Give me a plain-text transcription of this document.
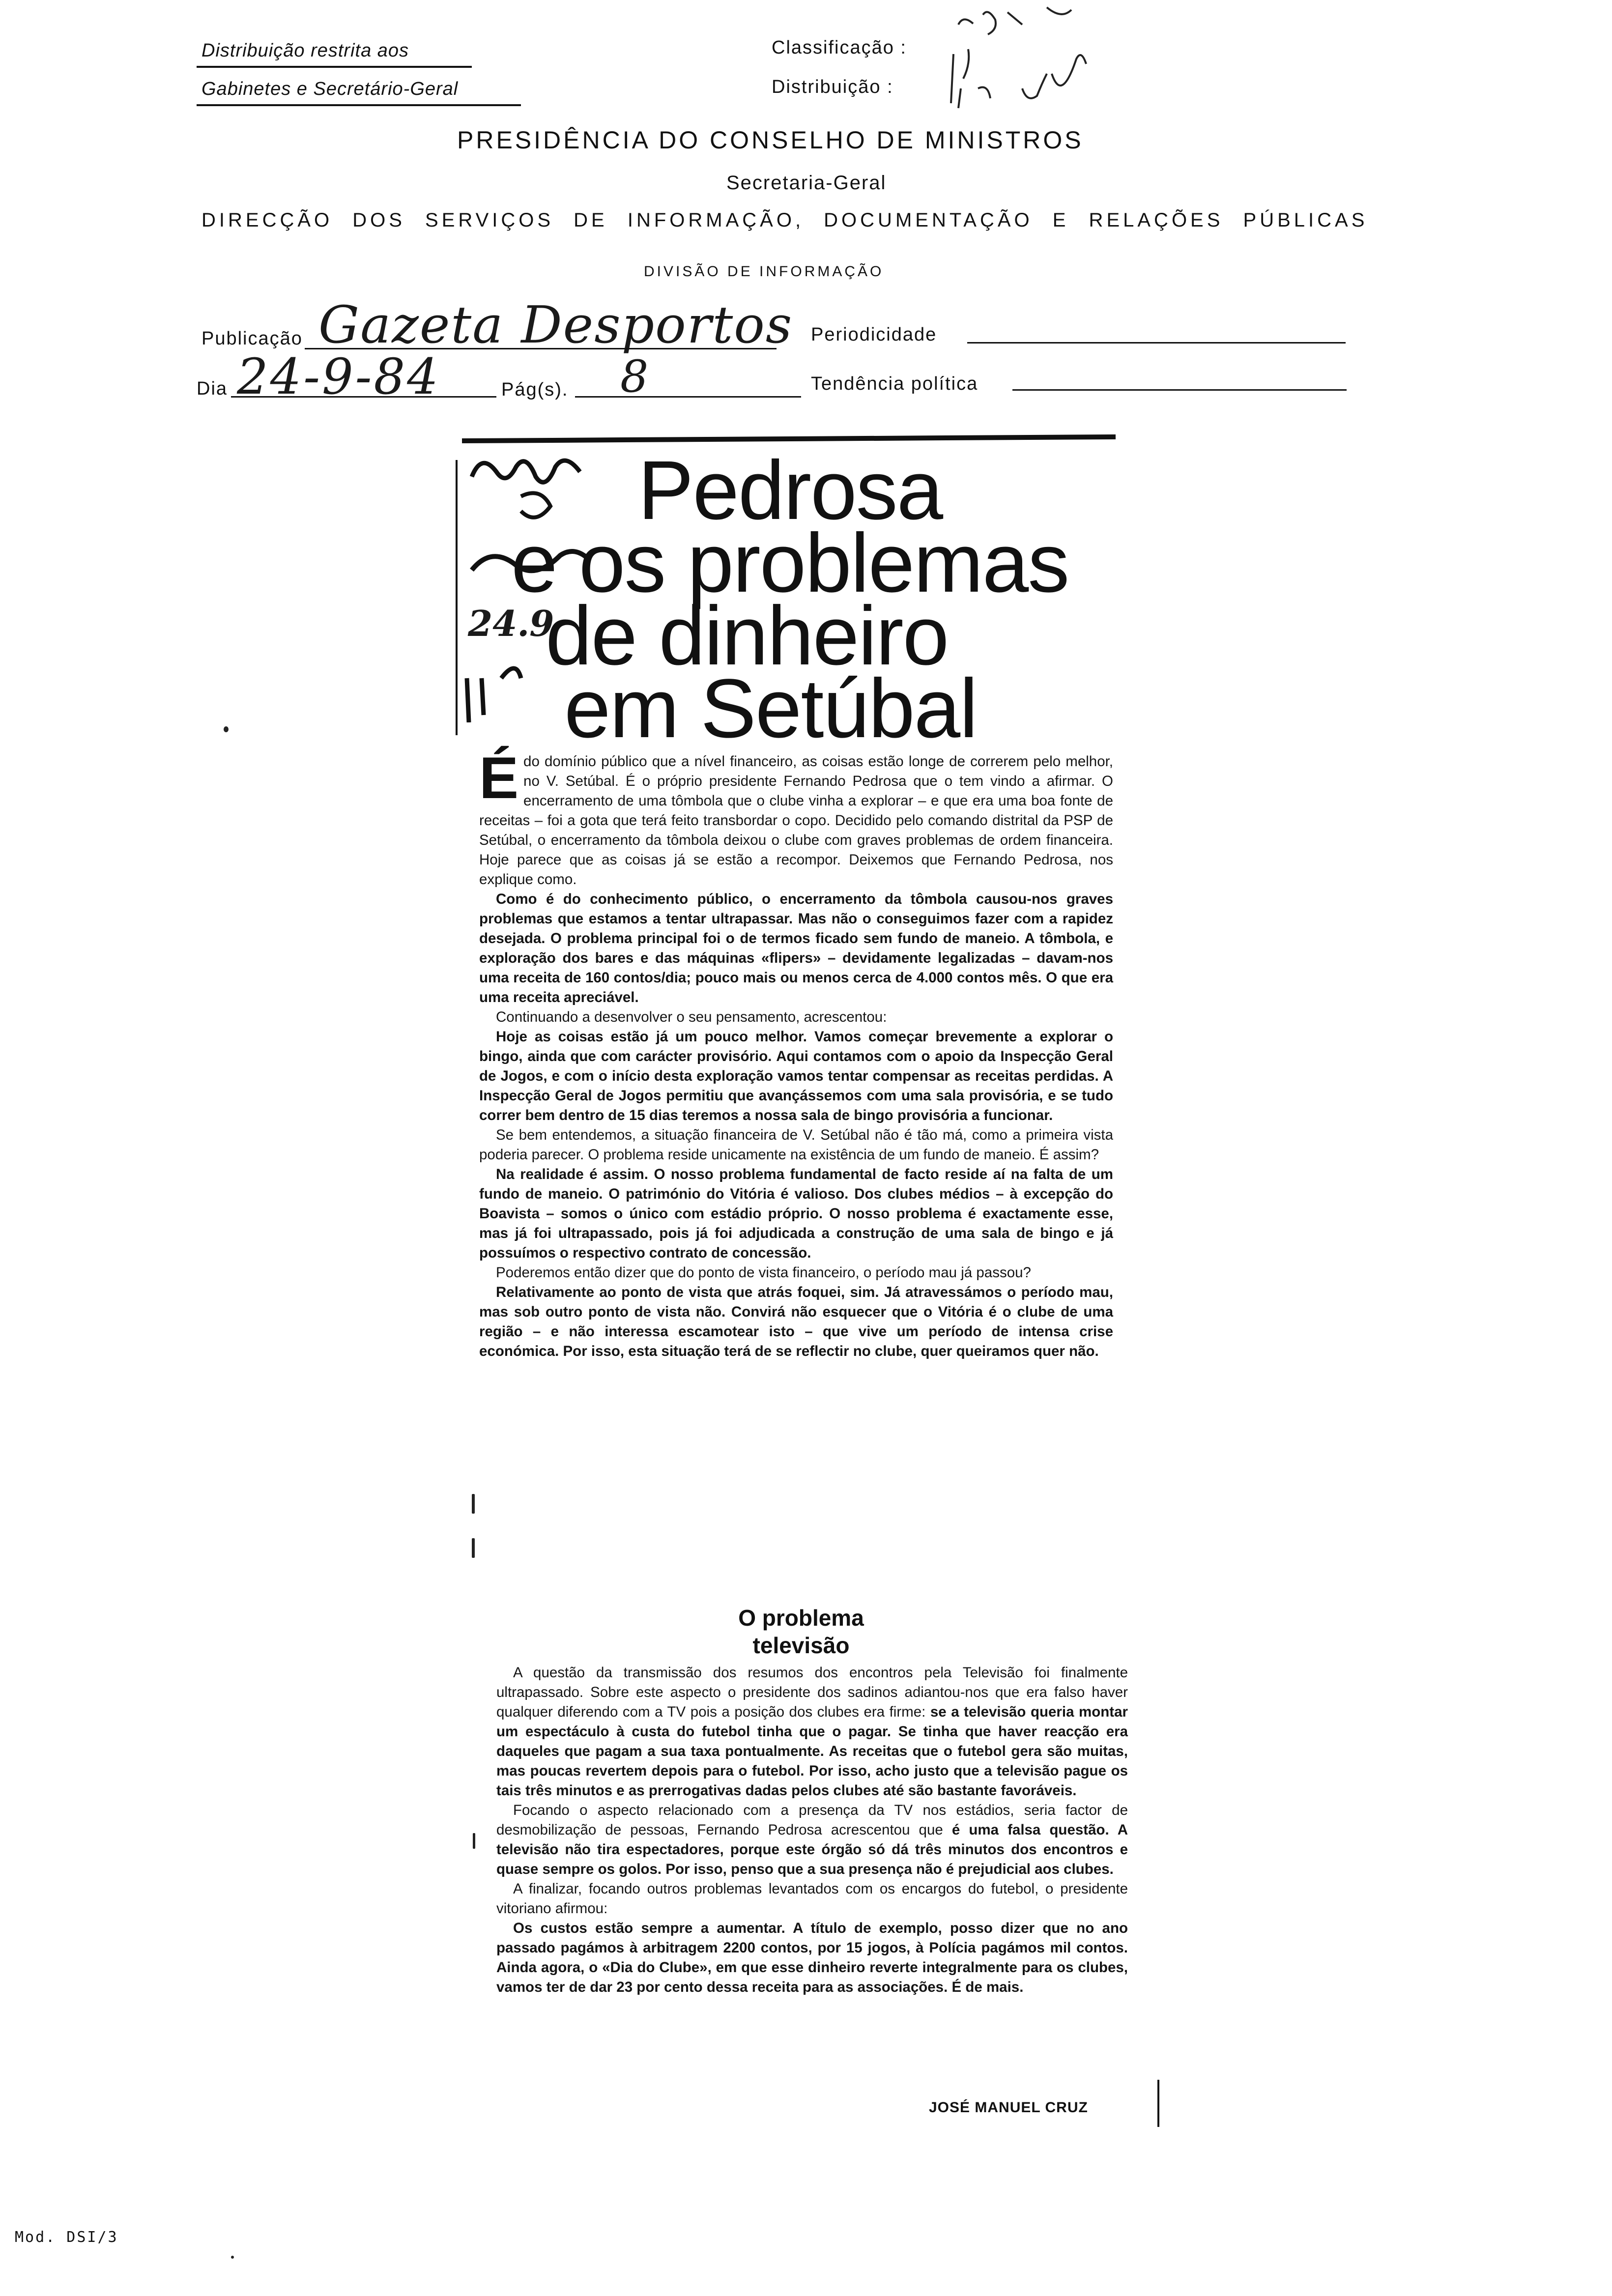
Distribuição restrita aos
Gabinetes e Secretário-Geral
Classificação :
Distribuição :
PRESIDÊNCIA DO CONSELHO DE MINISTROS
Secretaria-Geral
DIRECÇÃO DOS SERVIÇOS DE INFORMAÇÃO, DOCUMENTAÇÃO E RELAÇÕES PÚBLICAS
DIVISÃO DE INFORMAÇÃO
Publicação Gazeta Desportos Periodicidade
Dia 24-9-84	Pág(s). 8	Tendência política
24.9
Pedrosa
e os problemas
de dinheiro
em Setúbal
É do domínio público que a nível financeiro, as coisas estão longe de correrem pelo melhor, no V. Setúbal. É o próprio presidente Fernando Pedrosa que o tem vindo a afirmar. O encerramento de uma tômbola que o clube vinha a explorar – e que era uma boa fonte de receitas – foi a gota que terá feito transbordar o copo. Decidido pelo comando distrital da PSP de Setúbal, o encerramento da tômbola deixou o clube com graves problemas de ordem financeira. Hoje parece que as coisas já se estão a recompor. Deixemos que Fernando Pedrosa, nos explique como.

Como é do conhecimento público, o encerramento da tômbola causou-nos graves problemas que estamos a tentar ultrapassar. Mas não o conseguimos fazer com a rapidez desejada. O problema principal foi o de termos ficado sem fundo de maneio. A tômbola, e exploração dos bares e das máquinas «flipers» – devidamente legalizadas – davam-nos uma receita de 160 contos/dia; pouco mais ou menos cerca de 4.000 contos mês. O que era uma receita apreciável.

Continuando a desenvolver o seu pensamento, acrescentou:

Hoje as coisas estão já um pouco melhor. Vamos começar brevemente a explorar o bingo, ainda que com carácter provisório. Aqui contamos com o apoio da Inspecção Geral de Jogos, e com o início desta exploração vamos tentar compensar as receitas perdidas. A Inspecção Geral de Jogos permitiu que avançássemos com uma sala provisória, e se tudo correr bem dentro de 15 dias teremos a nossa sala de bingo provisória a funcionar.

Se bem entendemos, a situação financeira de V. Setúbal não é tão má, como a primeira vista poderia parecer. O problema reside unicamente na existência de um fundo de maneio. É assim?

Na realidade é assim. O nosso problema fundamental de facto reside aí na falta de um fundo de maneio. O património do Vitória é valioso. Dos clubes médios – à excepção do Boavista – somos o único com estádio próprio. O nosso problema é exactamente esse, mas já foi ultrapassado, pois já foi adjudicada a construção de uma sala de bingo e já possuímos o respectivo contrato de concessão.

Poderemos então dizer que do ponto de vista financeiro, o período mau já passou?

Relativamente ao ponto de vista que atrás foquei, sim. Já atravessámos o período mau, mas sob outro ponto de vista não. Convirá não esquecer que o Vitória é o clube de uma região – e não interessa escamotear isto – que vive um período de intensa crise económica. Por isso, esta situação terá de se reflectir no clube, quer queiramos quer não.

O problema
televisão

A questão da transmissão dos resumos dos encontros pela Televisão foi finalmente ultrapassado. Sobre este aspecto o presidente dos sadinos adiantou-nos que era falso haver qualquer diferendo com a TV pois a posição dos clubes era firme: se a televisão queria montar um espectáculo à custa do futebol tinha que o pagar. Se tinha que haver reacção era daqueles que pagam a sua taxa pontualmente. As receitas que o futebol gera são muitas, mas poucas revertem depois para o futebol. Por isso, acho justo que a televisão pague os tais três minutos e as prerrogativas dadas pelos clubes até são bastante favoráveis.

Focando o aspecto relacionado com a presença da TV nos estádios, seria factor de desmobilização de pessoas, Fernando Pedrosa acrescentou que é uma falsa questão. A televisão não tira espectadores, porque este órgão só dá três minutos dos encontros e quase sempre os golos. Por isso, penso que a sua presença não é prejudicial aos clubes.

A finalizar, focando outros problemas levantados com os encargos do futebol, o presidente vitoriano afirmou:

Os custos estão sempre a aumentar. A título de exemplo, posso dizer que no ano passado pagámos à arbitragem 2200 contos, por 15 jogos, à Polícia pagámos mil contos. Ainda agora, o «Dia do Clube», em que esse dinheiro reverte integralmente para os clubes, vamos ter de dar 23 por cento dessa receita para as associações. É de mais.

JOSÉ MANUEL CRUZ
Mod. DSI/3
